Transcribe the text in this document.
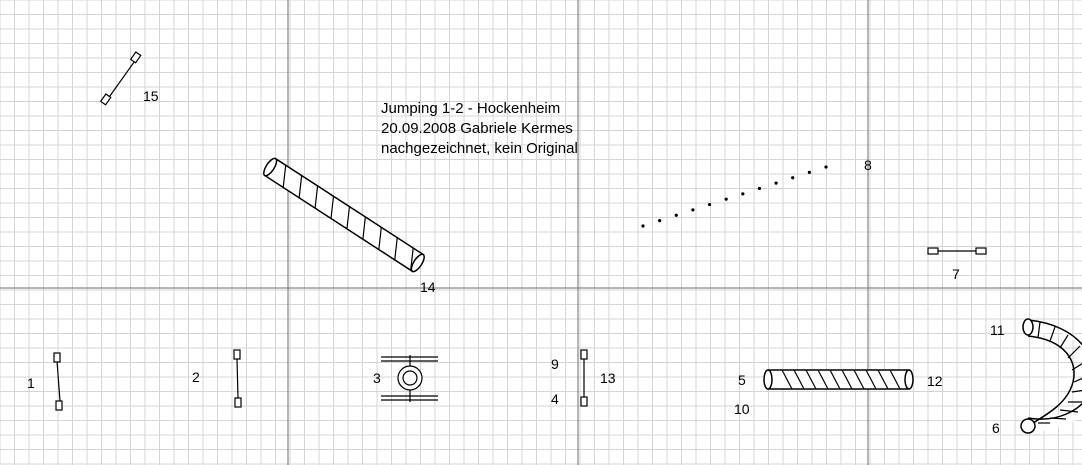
Jumping 1-2 - Hockenheim
20.09.2008 Gabriele Kermes
nachgezeichnet, kein Original
1	2	3
4
5
6
7
8
9
10
11
12
13
14
15
